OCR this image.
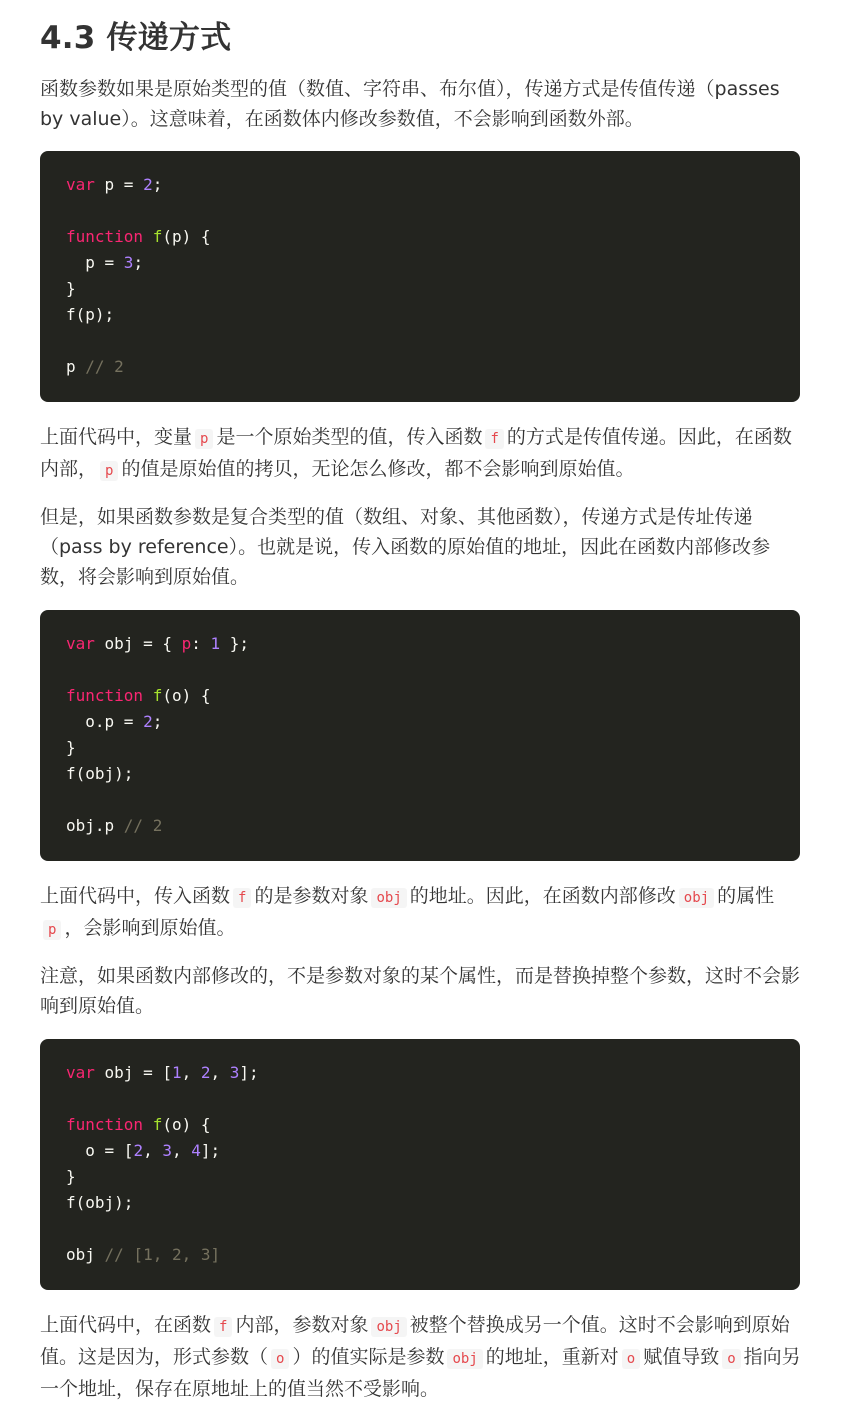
4.3 传递方式

函数参数如果是原始类型的值（数值、字符串、布尔值），传递方式是传值传递（passes by value）。这意味着，在函数体内修改参数值，不会影响到函数外部。

var p = 2;
function f(p) {
p = 3;
}
f(p);
p // 2

上面代码中，变量 p 是一个原始类型的值，传入函数 f 的方式是传值传递。因此，在函数内部， p 的值是原始值的拷贝，无论怎么修改，都不会影响到原始值。

但是，如果函数参数是复合类型的值（数组、对象、其他函数），传递方式是传址传递（pass by reference）。也就是说，传入函数的原始值的地址，因此在函数内部修改参数，将会影响到原始值。

var obj = { p: 1 };
function f(o) {
o.p = 2;
}
f(obj);
obj.p // 2

上面代码中，传入函数 f 的是参数对象 obj 的地址。因此，在函数内部修改 obj 的属性p ，会影响到原始值。

注意，如果函数内部修改的，不是参数对象的某个属性，而是替换掉整个参数，这时不会影响到原始值。

var obj = [1, 2, 3];
function f(o) {
o = [2, 3, 4];
}
f(obj);
obj // [1, 2, 3]

上面代码中，在函数 f 内部，参数对象 obj 被整个替换成另一个值。这时不会影响到原始值。这是因为，形式参数（ o ）的值实际是参数 obj 的地址，重新对 o 赋值导致 o 指向另一个地址，保存在原地址上的值当然不受影响。
